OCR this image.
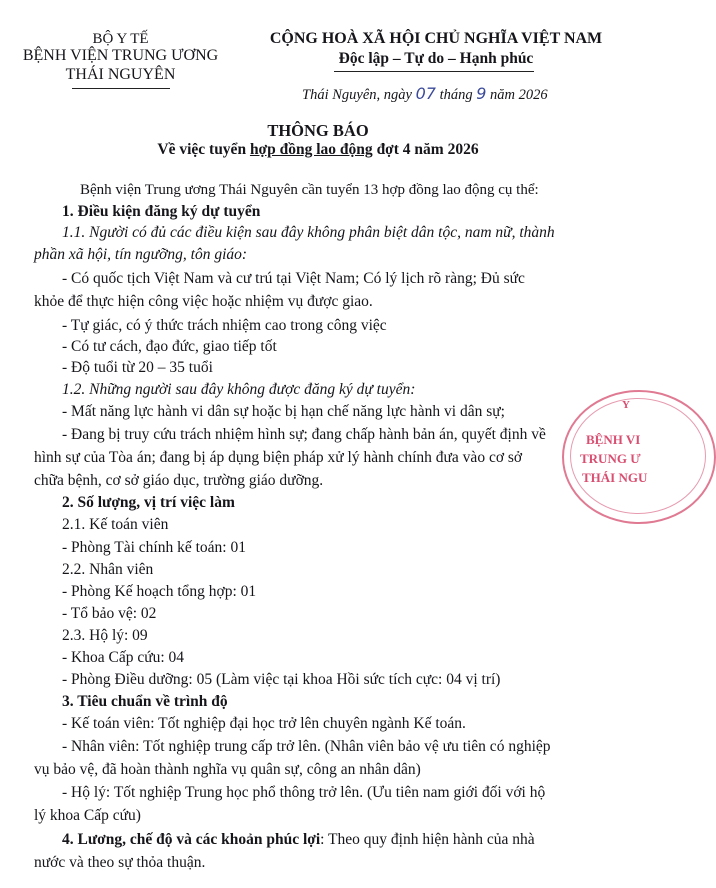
BỘ Y TẾ
BỆNH VIỆN TRUNG ƯƠNG
THÁI NGUYÊN
CỘNG HOÀ XÃ HỘI CHỦ NGHĨA VIỆT NAM
Độc lập – Tự do – Hạnh phúc
Thái Nguyên, ngày 07 tháng 9 năm 2026
THÔNG BÁO
Về việc tuyển hợp đồng lao động đợt 4 năm 2026
Bệnh viện Trung ương Thái Nguyên cần tuyển 13 hợp đồng lao động cụ thể:
1. Điều kiện đăng ký dự tuyển
1.1. Người có đủ các điều kiện sau đây không phân biệt dân tộc, nam nữ, thành
phần xã hội, tín ngưỡng, tôn giáo:
- Có quốc tịch Việt Nam và cư trú tại Việt Nam; Có lý lịch rõ ràng; Đủ sức
khỏe để thực hiện công việc hoặc nhiệm vụ được giao.
- Tự giác, có ý thức trách nhiệm cao trong công việc
- Có tư cách, đạo đức, giao tiếp tốt
- Độ tuổi từ 20 – 35 tuổi
1.2. Những người sau đây không được đăng ký dự tuyển:
- Mất năng lực hành vi dân sự hoặc bị hạn chế năng lực hành vi dân sự;
- Đang bị truy cứu trách nhiệm hình sự; đang chấp hành bản án, quyết định về
hình sự của Tòa án; đang bị áp dụng biện pháp xử lý hành chính đưa vào cơ sở
chữa bệnh, cơ sở giáo dục, trường giáo dưỡng.
2. Số lượng, vị trí việc làm
2.1. Kế toán viên
- Phòng Tài chính kế toán: 01
2.2. Nhân viên
- Phòng Kế hoạch tổng hợp: 01
- Tổ bảo vệ: 02
2.3. Hộ lý: 09
- Khoa Cấp cứu: 04
- Phòng Điều dưỡng: 05 (Làm việc tại khoa Hồi sức tích cực: 04 vị trí)
3. Tiêu chuẩn về trình độ
- Kế toán viên: Tốt nghiệp đại học trở lên chuyên ngành Kế toán.
- Nhân viên: Tốt nghiệp trung cấp trở lên. (Nhân viên bảo vệ ưu tiên có nghiệp
vụ bảo vệ, đã hoàn thành nghĩa vụ quân sự, công an nhân dân)
- Hộ lý: Tốt nghiệp Trung học phổ thông trở lên. (Ưu tiên nam giới đối với hộ
lý khoa Cấp cứu)
4. Lương, chế độ và các khoản phúc lợi: Theo quy định hiện hành của nhà
nước và theo sự thỏa thuận.
Y
BỆNH VI
TRUNG Ư
THÁI NGU
